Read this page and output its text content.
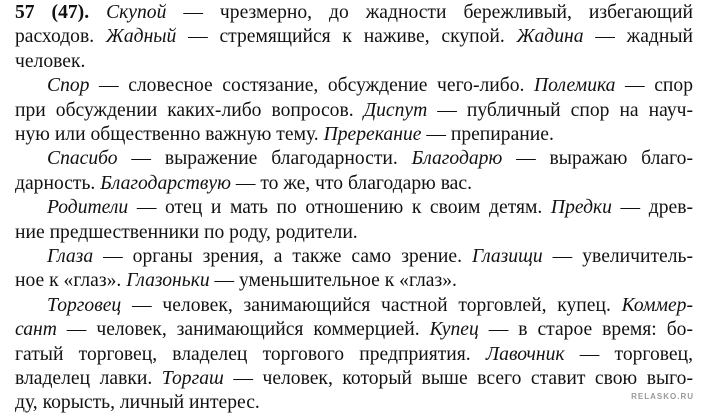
57 (47). Скупой — чрезмерно, до жадности бережливый, избегающий
расходов. Жадный — стремящийся к наживе, скупой. Жадина — жадный
человек.
Спор — словесное состязание, обсуждение чего-либо. Полемика — спор
при обсуждении каких-либо вопросов. Диспут — публичный спор на науч-
ную или общественно важную тему. Пререкание — препирание.
Спасибо — выражение благодарности. Благодарю — выражаю благо-
дарность. Благодарствую — то же, что благодарю вас.
Родители — отец и мать по отношению к своим детям. Предки — древ-
ние предшественники по роду, родители.
Глаза — органы зрения, а также само зрение. Глазищи — увеличитель-
ное к «глаз». Глазоньки — уменьшительное к «глаз».
Торговец — человек, занимающийся частной торговлей, купец. Коммер-
сант — человек, занимающийся коммерцией. Купец — в старое время: бо-
гатый торговец, владелец торгового предприятия. Лавочник — торговец,
владелец лавки. Торгаш — человек, который выше всего ставит свою выго-
ду, корысть, личный интерес.	RELASKO.RU
